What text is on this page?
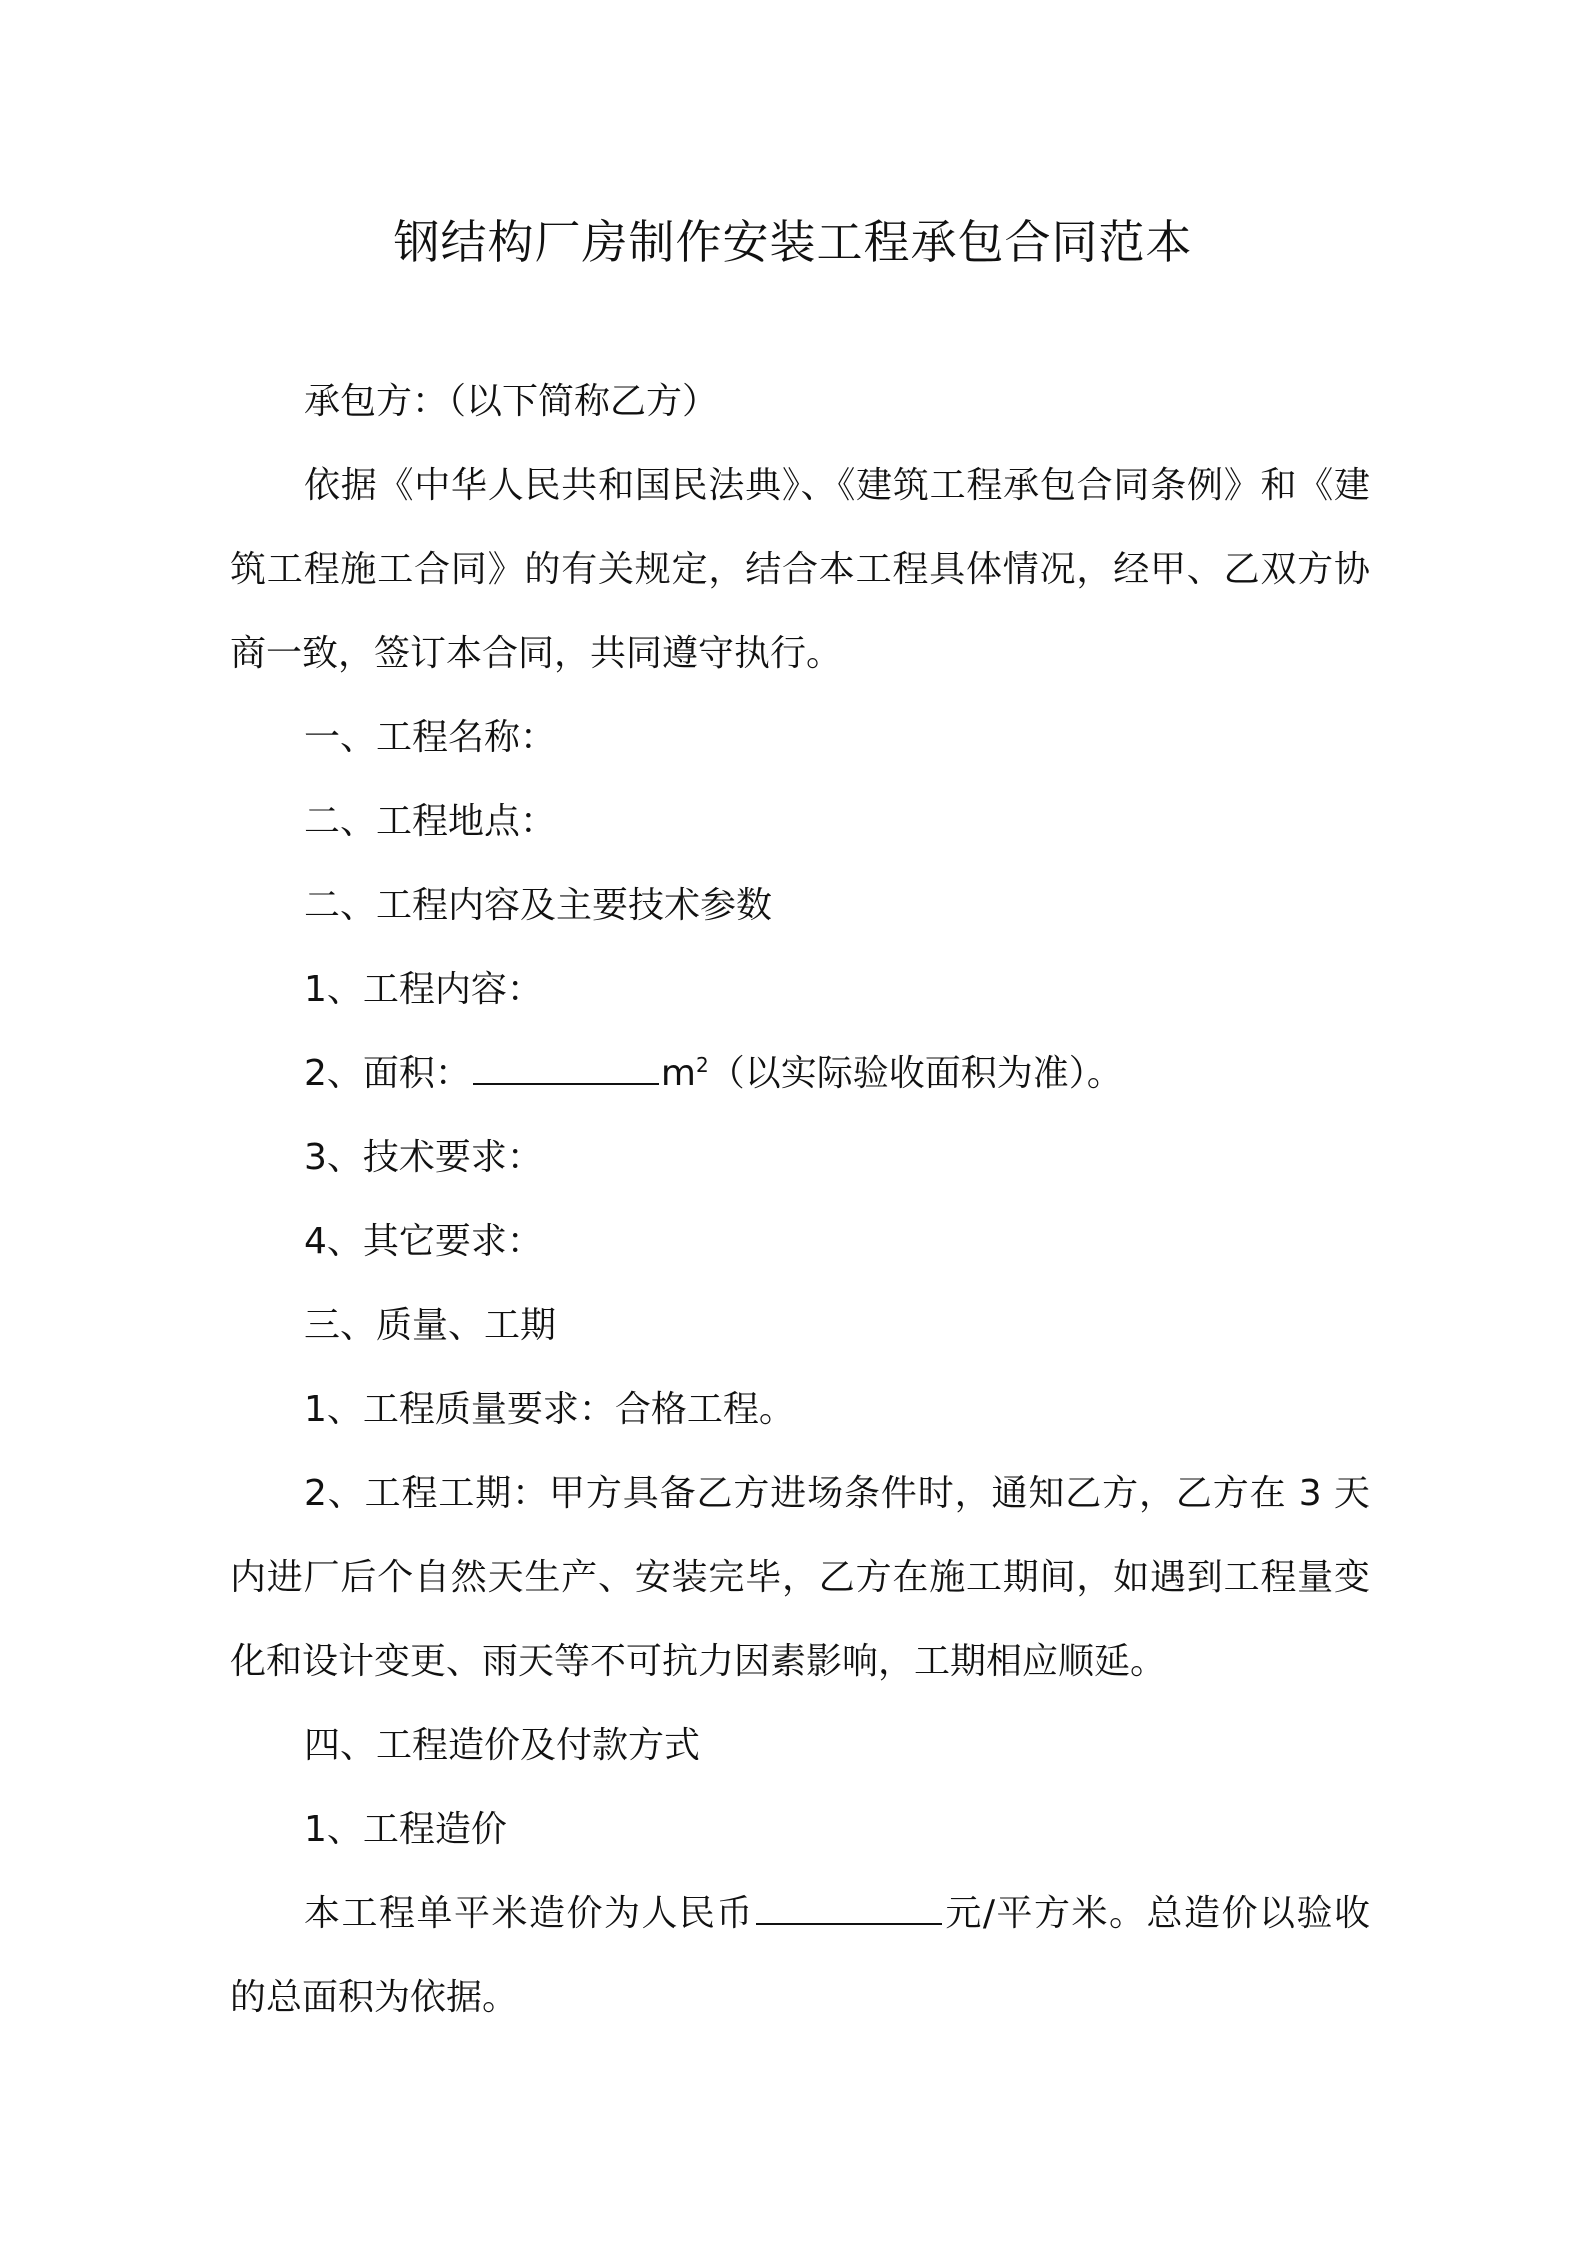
钢结构厂房制作安装工程承包合同范本

承包方：（以下简称乙方）

依据《中华人民共和国民法典》、《建筑工程承包合同条例》和《建筑工程施工合同》的有关规定，结合本工程具体情况，经甲、乙双方协商一致，签订本合同，共同遵守执行。

一、工程名称：

二、工程地点：

二、工程内容及主要技术参数

1、工程内容：

2、面积：	$m^2$（以实际验收面积为准）。

3、技术要求：

4、其它要求：

三、质量、工期

1、工程质量要求：合格工程。

2、工程工期：甲方具备乙方进场条件时，通知乙方，乙方在 3 天内进厂后个自然天生产、安装完毕，乙方在施工期间，如遇到工程量变化和设计变更、雨天等不可抗力因素影响，工期相应顺延。

四、工程造价及付款方式

1、工程造价

本工程单平米造价为人民币	元/平方米。总造价以验收的总面积为依据。
